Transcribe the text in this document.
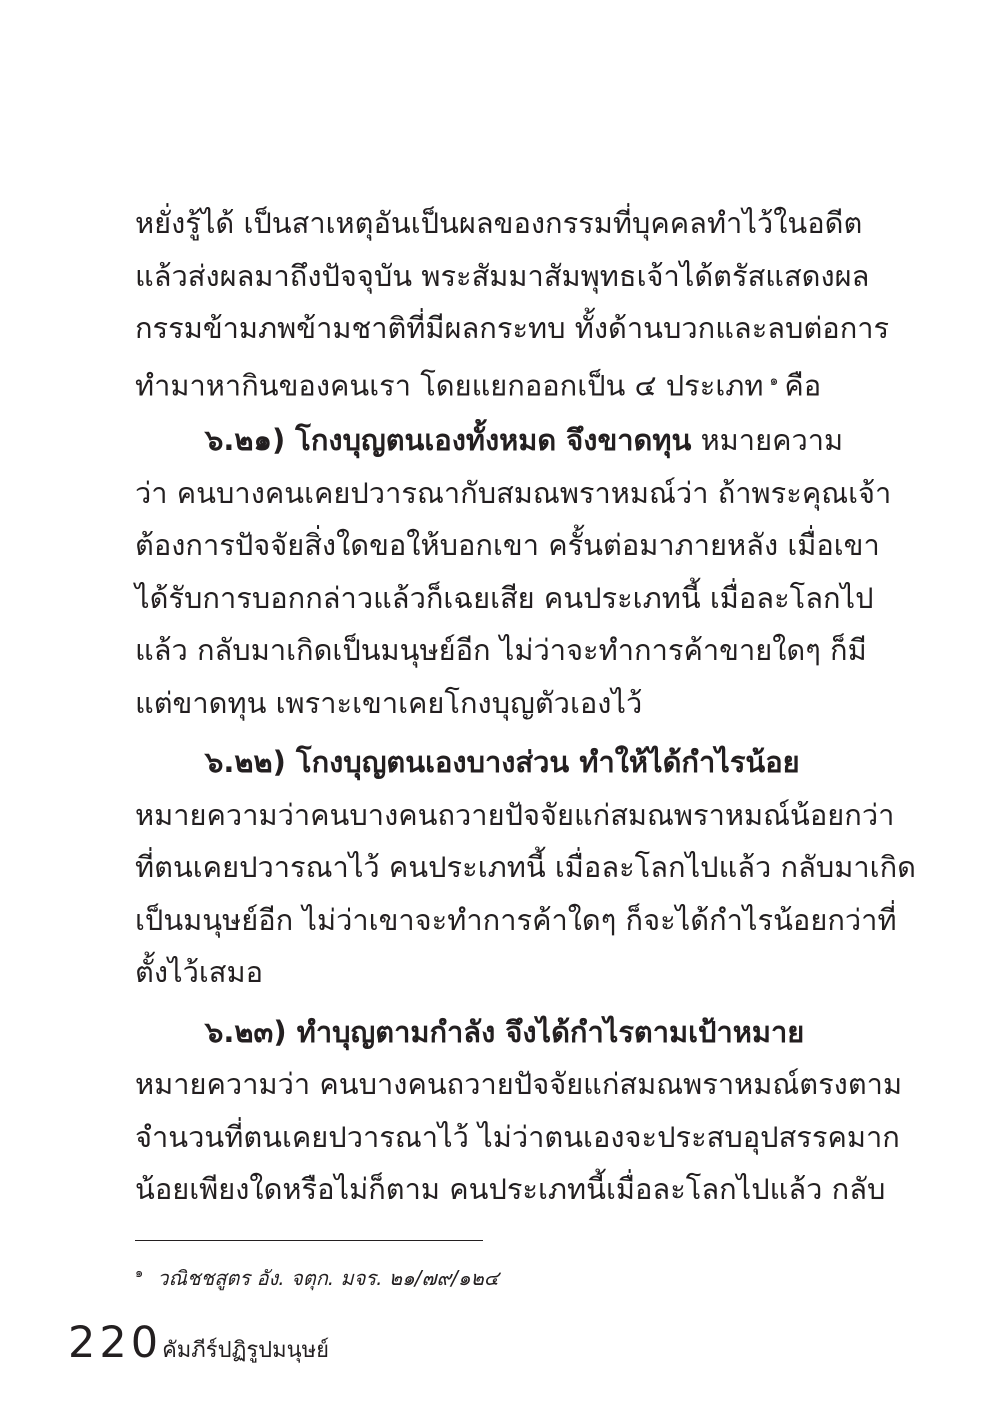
หยั่งรู้ได้ เป็นสาเหตุอันเป็นผลของกรรมที่บุคคลทำไว้ในอดีต
แล้วส่งผลมาถึงปัจจุบัน พระสัมมาสัมพุทธเจ้าได้ตรัสแสดงผล
กรรมข้ามภพข้ามชาติที่มีผลกระทบ ทั้งด้านบวกและลบต่อการ
ทำมาหากินของคนเรา โดยแยกออกเป็น ๔ ประเภท $^๑$ คือ
๖.๒๑) โกงบุญตนเองทั้งหมด จึงขาดทุน หมายความ
ว่า คนบางคนเคยปวารณากับสมณพราหมณ์ว่า ถ้าพระคุณเจ้า
ต้องการปัจจัยสิ่งใดขอให้บอกเขา ครั้นต่อมาภายหลัง เมื่อเขา
ได้รับการบอกกล่าวแล้วก็เฉยเสีย คนประเภทนี้ เมื่อละโลกไป
แล้ว กลับมาเกิดเป็นมนุษย์อีก ไม่ว่าจะทำการค้าขายใดๆ ก็มี
แต่ขาดทุน เพราะเขาเคยโกงบุญตัวเองไว้
๖.๒๒) โกงบุญตนเองบางส่วน ทำให้ได้กำไรน้อย
หมายความว่าคนบางคนถวายปัจจัยแก่สมณพราหมณ์น้อยกว่า
ที่ตนเคยปวารณาไว้ คนประเภทนี้ เมื่อละโลกไปแล้ว กลับมาเกิด
เป็นมนุษย์อีก ไม่ว่าเขาจะทำการค้าใดๆ ก็จะได้กำไรน้อยกว่าที่
ตั้งไว้เสมอ
๖.๒๓) ทำบุญตามกำลัง จึงได้กำไรตามเป้าหมาย
หมายความว่า คนบางคนถวายปัจจัยแก่สมณพราหมณ์ตรงตาม
จำนวนที่ตนเคยปวารณาไว้ ไม่ว่าตนเองจะประสบอุปสรรคมาก
น้อยเพียงใดหรือไม่ก็ตาม คนประเภทนี้เมื่อละโลกไปแล้ว กลับ
$^๑$ วณิชชสูตร อัง. จตุก. มจร. ๒๑/๗๙/๑๒๔
220คัมภีร์ปฏิรูปมนุษย์
